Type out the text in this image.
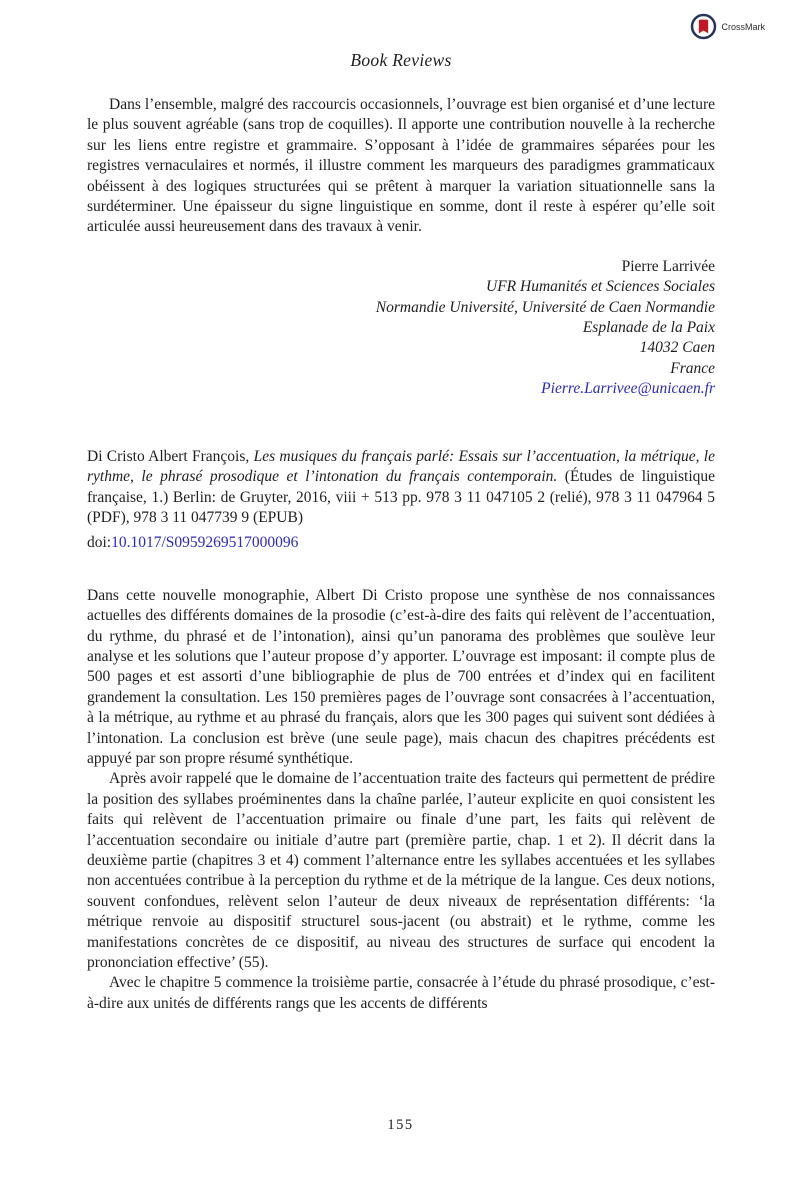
CrossMark
Book Reviews

Dans l’ensemble, malgré des raccourcis occasionnels, l’ouvrage est bien organisé et d’une lecture le plus souvent agréable (sans trop de coquilles). Il apporte une contribution nouvelle à la recherche sur les liens entre registre et grammaire. S’opposant à l’idée de grammaires séparées pour les registres vernaculaires et normés, il illustre comment les marqueurs des paradigmes grammaticaux obéissent à des logiques structurées qui se prêtent à marquer la variation situationnelle sans la surdéterminer. Une épaisseur du signe linguistique en somme, dont il reste à espérer qu’elle soit articulée aussi heureusement dans des travaux à venir.

Pierre Larrivée
UFR Humanités et Sciences Sociales
Normandie Université, Université de Caen Normandie
Esplanade de la Paix
14032 Caen
France
Pierre.Larrivee@unicaen.fr
Di Cristo Albert François, Les musiques du français parlé: Essais sur l’accentuation, la métrique, le rythme, le phrasé prosodique et l’intonation du français contemporain. (Études de linguistique française, 1.) Berlin: de Gruyter, 2016, viii + 513 pp. 978 3 11 047105 2 (relié), 978 3 11 047964 5 (PDF), 978 3 11 047739 9 (EPUB)
doi:10.1017/S0959269517000096

Dans cette nouvelle monographie, Albert Di Cristo propose une synthèse de nos connaissances actuelles des différents domaines de la prosodie (c’est-à-dire des faits qui relèvent de l’accentuation, du rythme, du phrasé et de l’intonation), ainsi qu’un panorama des problèmes que soulève leur analyse et les solutions que l’auteur propose d’y apporter. L’ouvrage est imposant: il compte plus de 500 pages et est assorti d’une bibliographie de plus de 700 entrées et d’index qui en facilitent grandement la consultation. Les 150 premières pages de l’ouvrage sont consacrées à l’accentuation, à la métrique, au rythme et au phrasé du français, alors que les 300 pages qui suivent sont dédiées à l’intonation. La conclusion est brève (une seule page), mais chacun des chapitres précédents est appuyé par son propre résumé synthétique.

Après avoir rappelé que le domaine de l’accentuation traite des facteurs qui permettent de prédire la position des syllabes proéminentes dans la chaîne parlée, l’auteur explicite en quoi consistent les faits qui relèvent de l’accentuation primaire ou finale d’une part, les faits qui relèvent de l’accentuation secondaire ou initiale d’autre part (première partie, chap. 1 et 2). Il décrit dans la deuxième partie (chapitres 3 et 4) comment l’alternance entre les syllabes accentuées et les syllabes non accentuées contribue à la perception du rythme et de la métrique de la langue. Ces deux notions, souvent confondues, relèvent selon l’auteur de deux niveaux de représentation différents: ‘la métrique renvoie au dispositif structurel sous-jacent (ou abstrait) et le rythme, comme les manifestations concrètes de ce dispositif, au niveau des structures de surface qui encodent la prononciation effective’ (55).

Avec le chapitre 5 commence la troisième partie, consacrée à l’étude du phrasé prosodique, c’est-à-dire aux unités de différents rangs que les accents de différents

155
